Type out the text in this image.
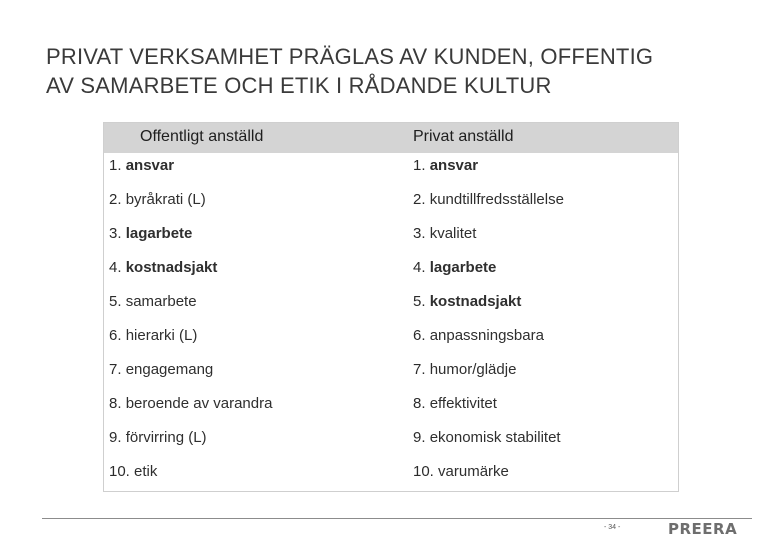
PRIVAT VERKSAMHET PRÄGLAS AV KUNDEN, OFFENTIG
AV SAMARBETE OCH ETIK I RÅDANDE KULTUR
Offentligt anställd	Privat anställd
1. ansvar	1. ansvar
2. byråkrati (L)	2. kundtillfredsställelse
3. lagarbete	3. kvalitet
4. kostnadsjakt	4. lagarbete
5. samarbete	5. kostnadsjakt
6. hierarki (L)	6. anpassningsbara
7. engagemang	7. humor/glädje
8. beroende av varandra	8. effektivitet
9. förvirring (L)	9. ekonomisk stabilitet
10. etik	10. varumärke
- 34 -	PREERA
